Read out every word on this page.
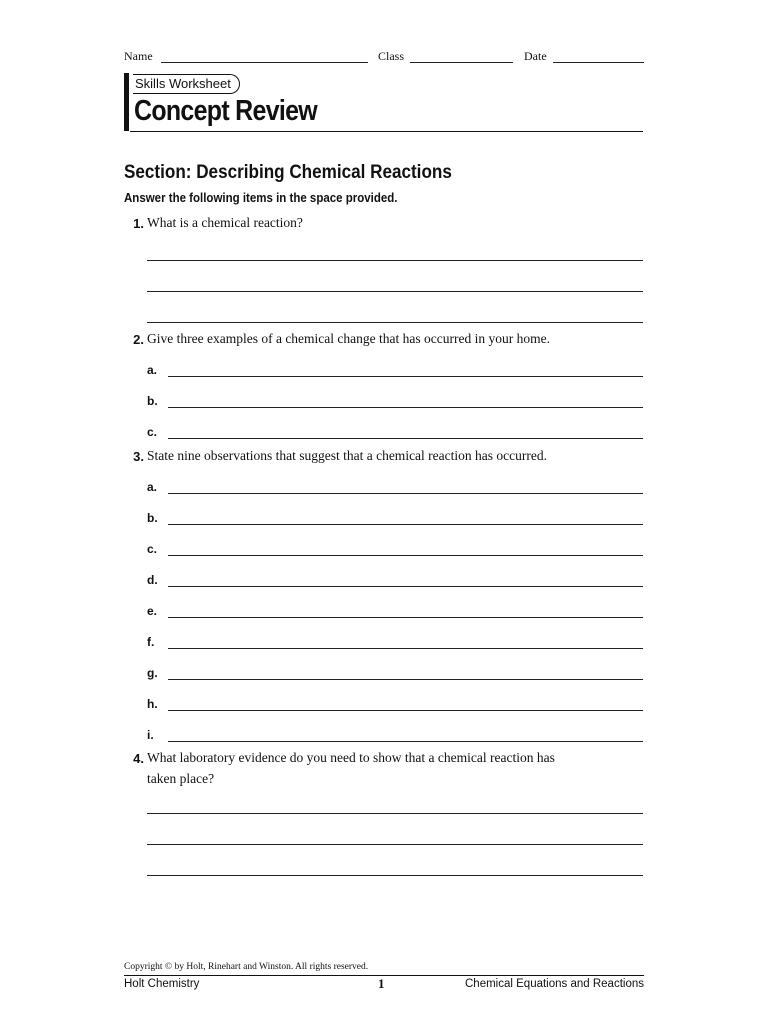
Name	Class	Date
Skills Worksheet
Concept Review
Section: Describing Chemical Reactions
Answer the following items in the space provided.
1. What is a chemical reaction?
2. Give three examples of a chemical change that has occurred in your home.
a.
b.
c.
3. State nine observations that suggest that a chemical reaction has occurred.
a.
b.
c.
d.
e.
f.
g.
h.
i.
4. What laboratory evidence do you need to show that a chemical reaction has
taken place?
Copyright © by Holt, Rinehart and Winston. All rights reserved.
Holt Chemistry	1	Chemical Equations and Reactions
